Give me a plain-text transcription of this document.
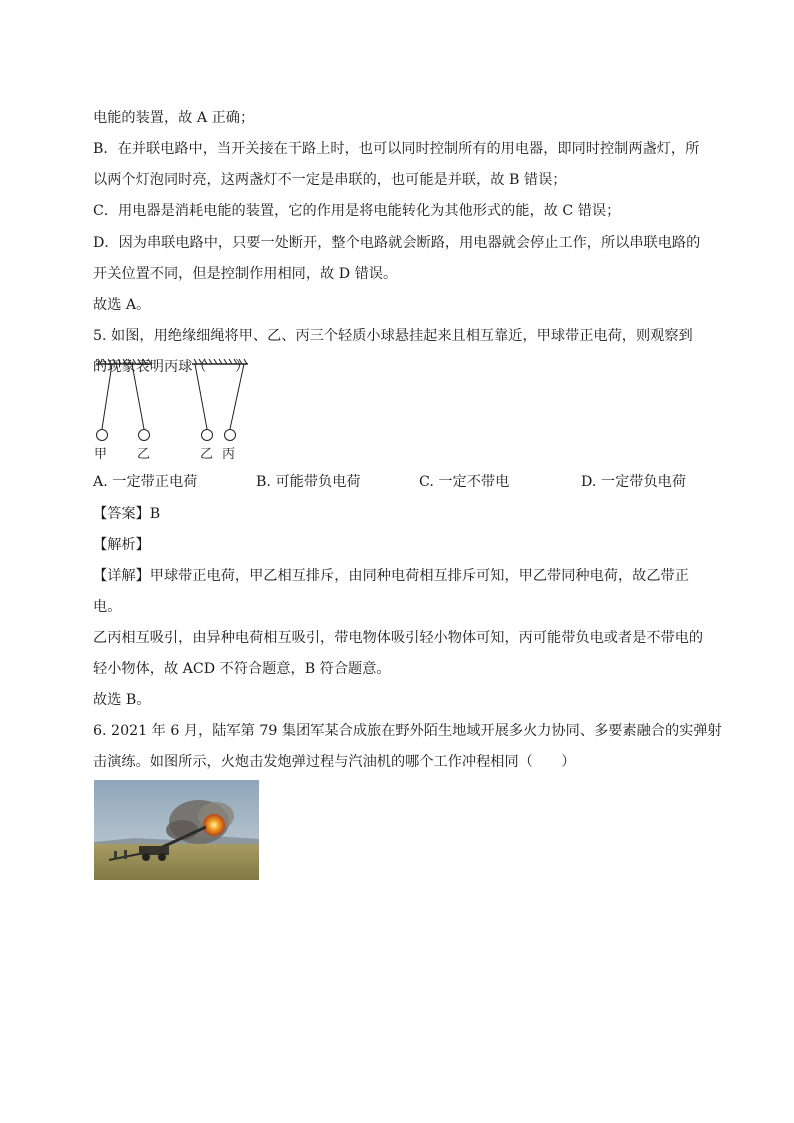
电能的装置，故 A 正确；
B．在并联电路中，当开关接在干路上时，也可以同时控制所有的用电器，即同时控制两盏灯，所
以两个灯泡同时亮，这两盏灯不一定是串联的，也可能是并联，故 B 错误；
C．用电器是消耗电能的装置，它的作用是将电能转化为其他形式的能，故 C 错误；
D．因为串联电路中，只要一处断开，整个电路就会断路，用电器就会停止工作，所以串联电路的
开关位置不同，但是控制作用相同，故 D 错误。
故选 A。
5. 如图，用绝缘细绳将甲、乙、丙三个轻质小球悬挂起来且相互靠近，甲球带正电荷，则观察到
的现象表明丙球（　　）
甲 乙	乙 丙
A. 一定带正电荷	B. 可能带负电荷	C. 一定不带电	D. 一定带负电荷
【答案】B
【解析】
【详解】甲球带正电荷，甲乙相互排斥，由同种电荷相互排斥可知，甲乙带同种电荷，故乙带正
电。
乙丙相互吸引，由异种电荷相互吸引，带电物体吸引轻小物体可知，丙可能带负电或者是不带电的
轻小物体，故 ACD 不符合题意，B 符合题意。
故选 B。
6. 2021 年 6 月，陆军第 79 集团军某合成旅在野外陌生地域开展多火力协同、多要素融合的实弹射
击演练。如图所示，火炮击发炮弹过程与汽油机的哪个工作冲程相同（　　）
